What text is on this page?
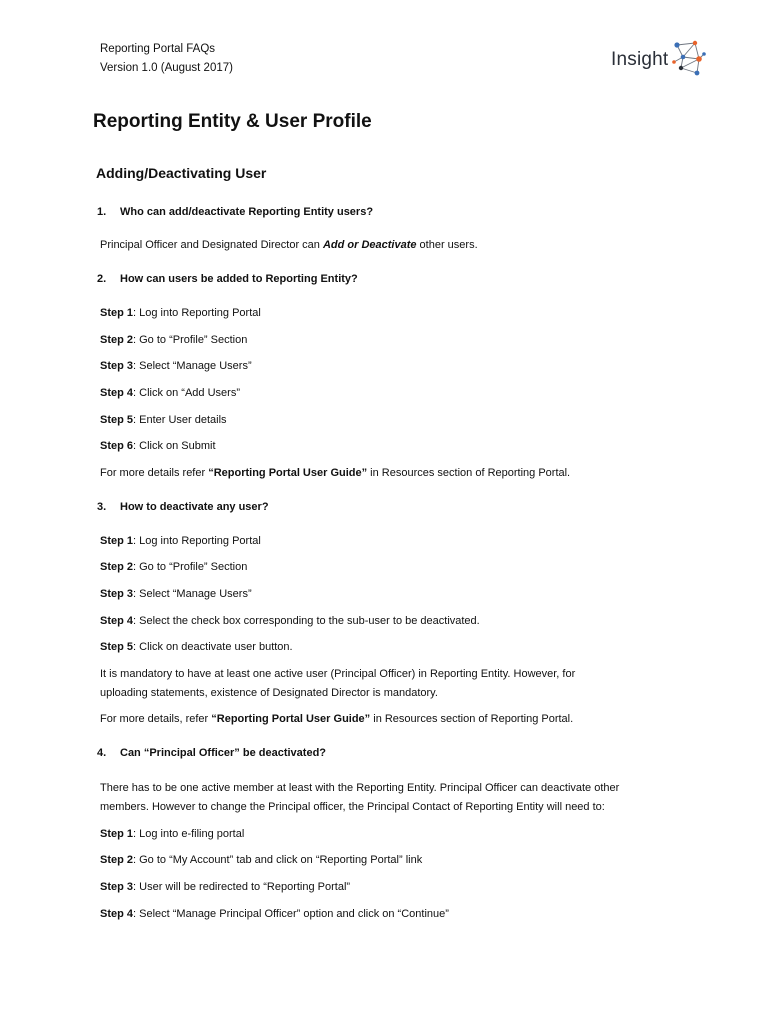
Reporting Portal FAQs
Version 1.0 (August 2017)	Insight
Reporting Entity & User Profile
Adding/Deactivating User
1. Who can add/deactivate Reporting Entity users?
Principal Officer and Designated Director can Add or Deactivate other users.
2. How can users be added to Reporting Entity?
Step 1: Log into Reporting Portal
Step 2: Go to “Profile” Section
Step 3: Select “Manage Users”
Step 4: Click on “Add Users”
Step 5: Enter User details
Step 6: Click on Submit
For more details refer “Reporting Portal User Guide” in Resources section of Reporting Portal.
3. How to deactivate any user?
Step 1: Log into Reporting Portal
Step 2: Go to “Profile” Section
Step 3: Select “Manage Users”
Step 4: Select the check box corresponding to the sub-user to be deactivated.
Step 5: Click on deactivate user button.
It is mandatory to have at least one active user (Principal Officer) in Reporting Entity. However, for
uploading statements, existence of Designated Director is mandatory.
For more details, refer “Reporting Portal User Guide” in Resources section of Reporting Portal.
4. Can “Principal Officer” be deactivated?
There has to be one active member at least with the Reporting Entity. Principal Officer can deactivate other
members. However to change the Principal officer, the Principal Contact of Reporting Entity will need to:
Step 1: Log into e-filing portal
Step 2: Go to “My Account” tab and click on “Reporting Portal” link
Step 3: User will be redirected to “Reporting Portal”
Step 4: Select “Manage Principal Officer” option and click on “Continue”
